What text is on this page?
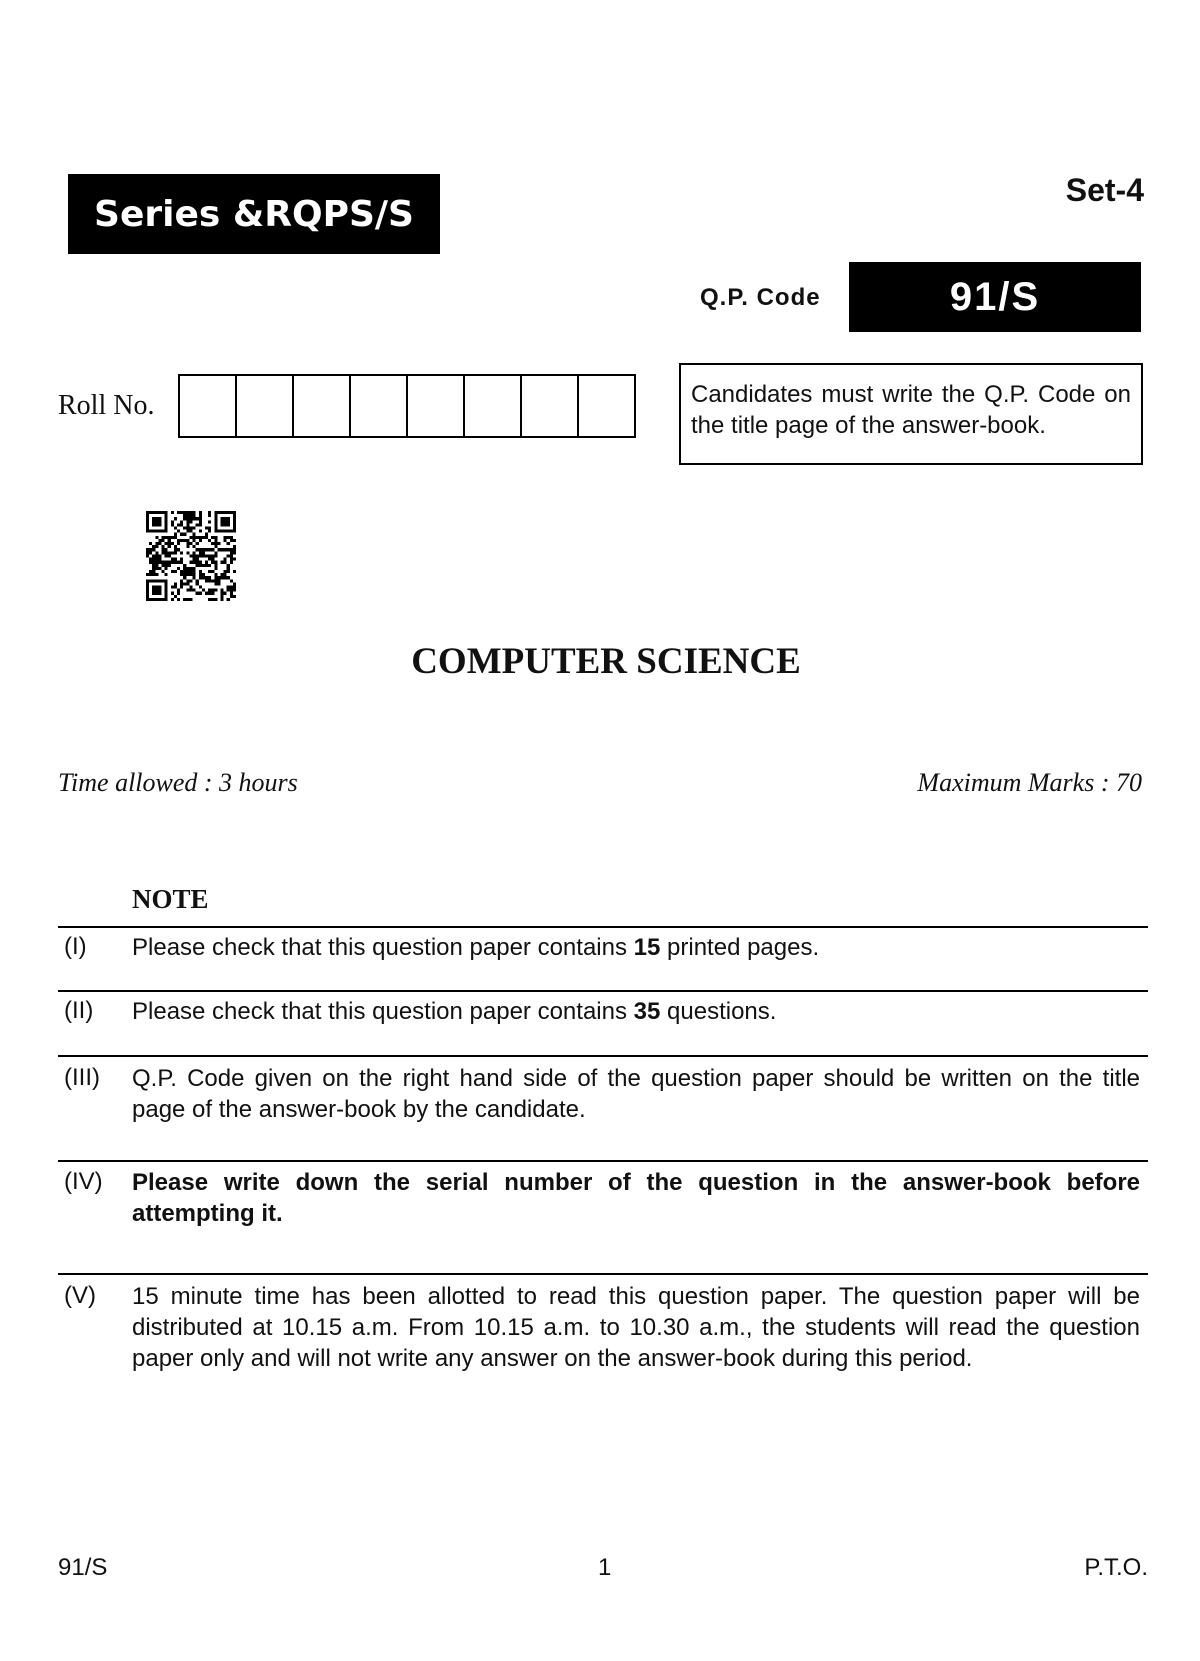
Series &RQPS/S
Set-4
Q.P. Code	91/S
Roll No.	Candidates must write the Q.P. Code on the title page of the answer-book.
COMPUTER SCIENCE
Time allowed : 3 hours	Maximum Marks : 70
NOTE
(I) Please check that this question paper contains 15 printed pages.
(II) Please check that this question paper contains 35 questions.
(III) Q.P. Code given on the right hand side of the question paper should be written on the title page of the answer-book by the candidate.
(IV) Please write down the serial number of the question in the answer-book before attempting it.
(V) 15 minute time has been allotted to read this question paper. The question paper will be distributed at 10.15 a.m. From 10.15 a.m. to 10.30 a.m., the students will read the question paper only and will not write any answer on the answer-book during this period.
91/S	1	P.T.O.
